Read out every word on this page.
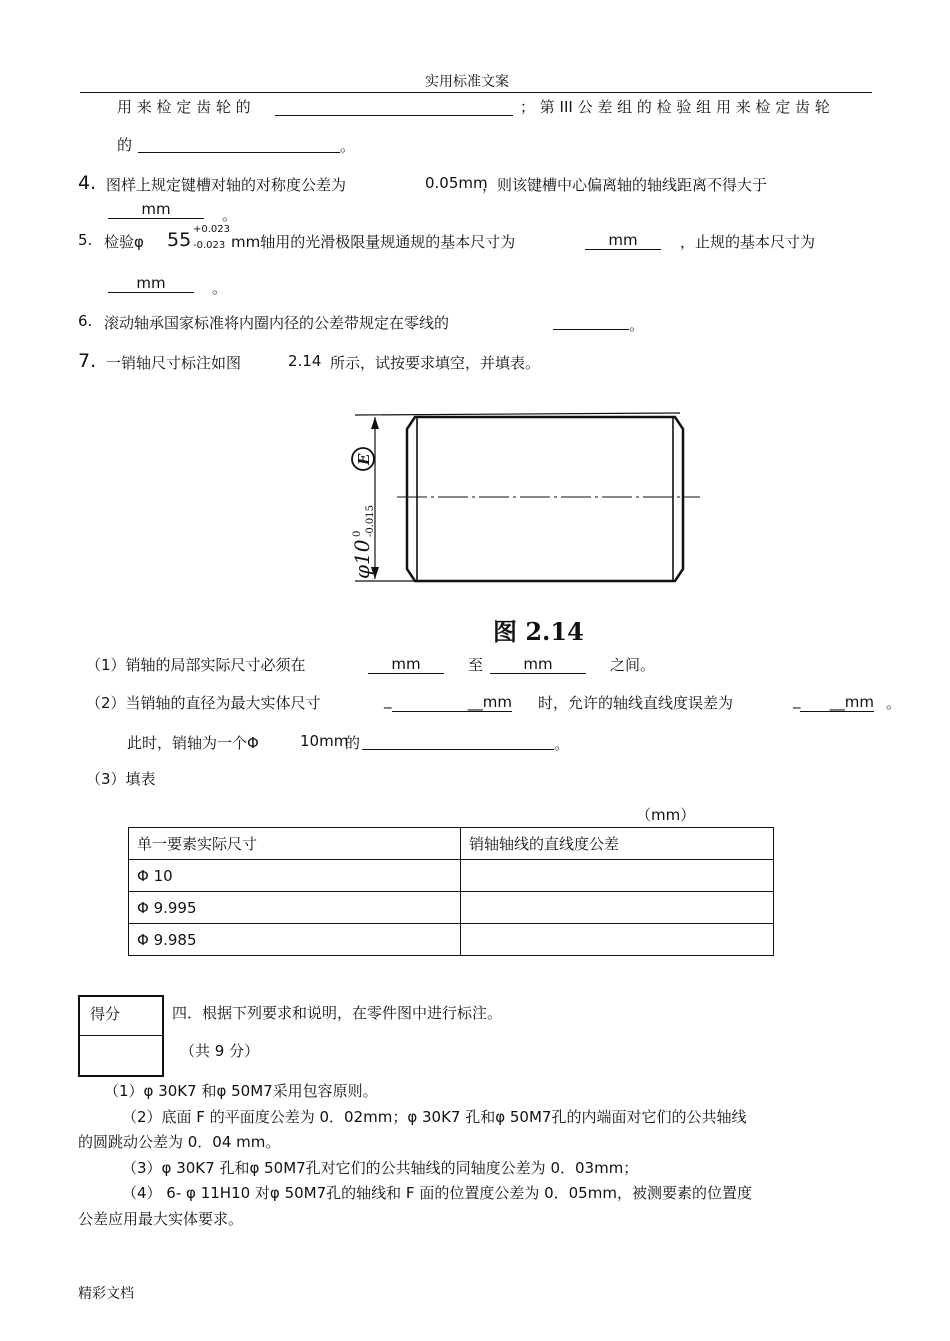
实用标准文案
用 来 检 定 齿 轮 的	； 第 III 公 差 组 的 检 验 组 用 来 检 定 齿 轮
的	。
4. 图样上规定键槽对轴的对称度公差为	0.05mm
，则该键槽中心偏离轴的轴线距离不得大于
mm	。
5. 检验φ 55 +0.023
-0.023 mm轴用的光滑极限量规通规的基本尺寸为	mm	，止规的基本尺寸为
mm	。
6. 滚动轴承国家标准将内圈内径的公差带规定在零线的	。
7. 一销轴尺寸标注如图	2.14 所示，试按要求填空，并填表。
φ10
0 -0.015
E
图 2.14
（1）销轴的局部实际尺寸必须在	mm	至	mm	之间。
（2）当销轴的直径为最大实体尺寸	_	__mm 时，允许的轴线直线度误差为	_	__mm 。
此时，销轴为一个Φ	10mm
的	。
（3）填表
（mm）
单一要素实际尺寸	销轴轴线的直线度公差
Φ 10	
Φ 9.995	
Φ 9.985	
得分	四．根据下列要求和说明，在零件图中进行标注。
（共 9 分）
（1）φ 30K7 和φ 50M7采用包容原则。
（2）底面 F 的平面度公差为 0．02mm；φ 30K7 孔和φ 50M7孔的内端面对它们的公共轴线
的圆跳动公差为 0．04 mm。
（3）φ 30K7 孔和φ 50M7孔对它们的公共轴线的同轴度公差为 0．03mm；
（4） 6- φ 11H10 对φ 50M7孔的轴线和 F 面的位置度公差为 0．05mm，被测要素的位置度
公差应用最大实体要求。
精彩文档
